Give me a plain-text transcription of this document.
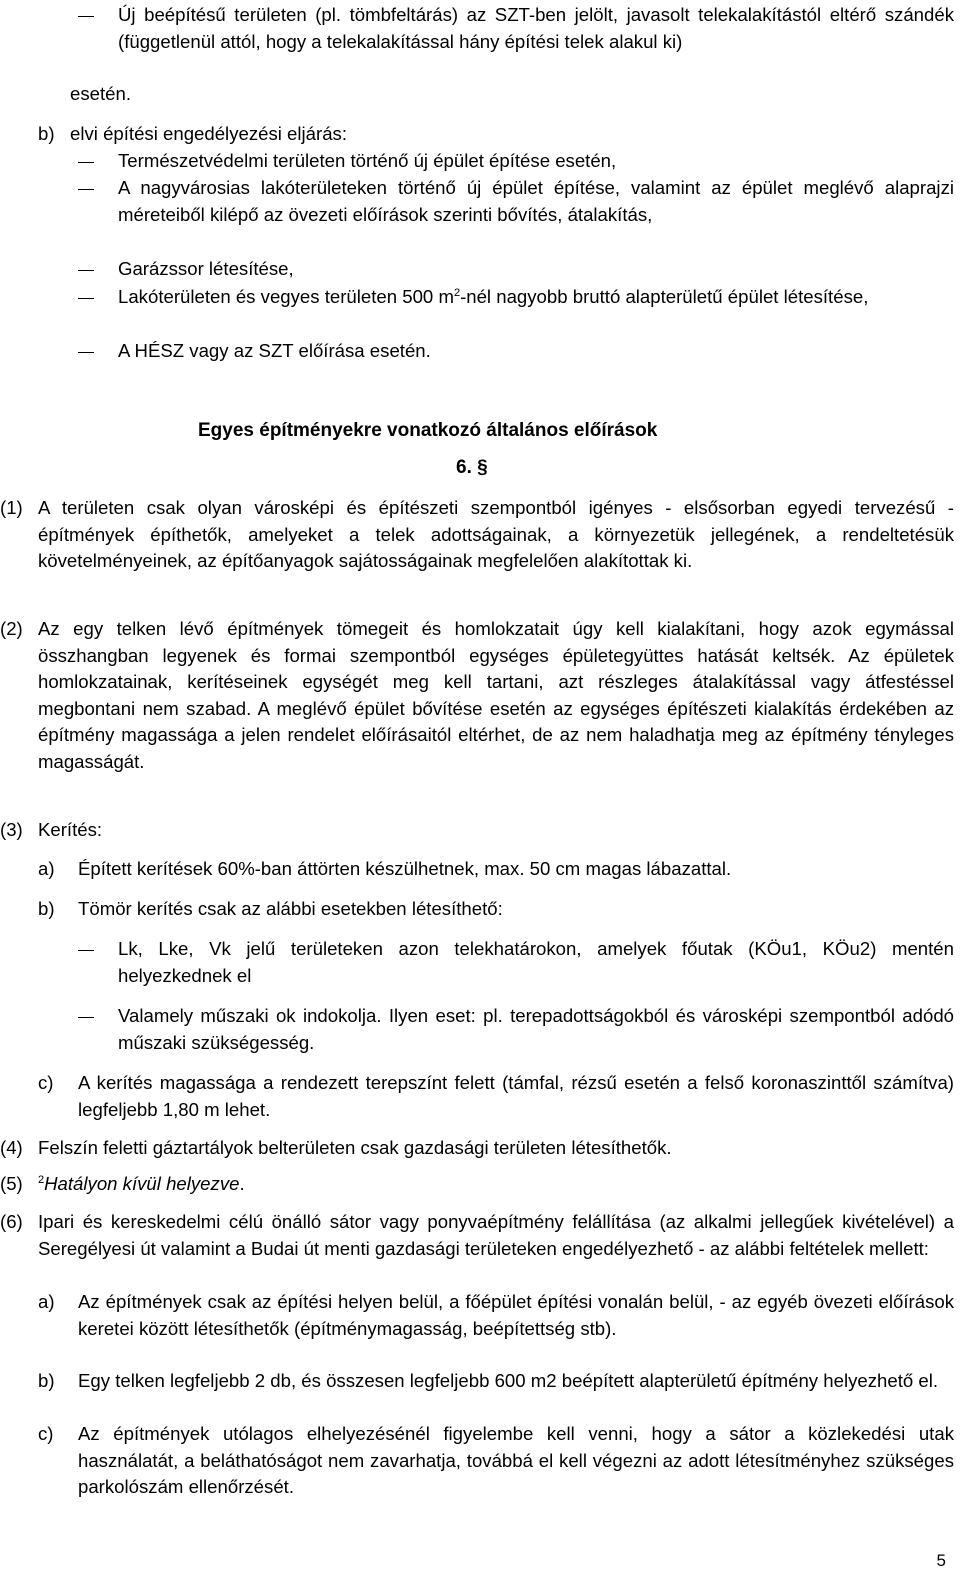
Új beépítésű területen (pl. tömbfeltárás) az SZT-ben jelölt, javasolt telekalakítástól eltérő szándék (függetlenül attól, hogy a telekalakítással hány építési telek alakul ki)
esetén.
b) elvi építési engedélyezési eljárás:
Természetvédelmi területen történő új épület építése esetén,
A nagyvárosias lakóterületeken történő új épület építése, valamint az épület meglévő alaprajzi méreteiből kilépő az övezeti előírások szerinti bővítés, átalakítás,
Garázssor létesítése,
Lakóterületen és vegyes területen 500 $m^2$-nél nagyobb bruttó alapterületű épület létesítése,
A HÉSZ vagy az SZT előírása esetén.
Egyes építményekre vonatkozó általános előírások
6. §
(1) A területen csak olyan városképi és építészeti szempontból igényes - elsősorban egyedi tervezésű - építmények építhetők, amelyeket a telek adottságainak, a környezetük jellegének, a rendeltetésük követelményeinek, az építőanyagok sajátosságainak megfelelően alakítottak ki.
(2) Az egy telken lévő építmények tömegeit és homlokzatait úgy kell kialakítani, hogy azok egymással összhangban legyenek és formai szempontból egységes épületegyüttes hatását keltsék. Az épületek homlokzatainak, kerítéseinek egységét meg kell tartani, azt részleges átalakítással vagy átfestéssel megbontani nem szabad. A meglévő épület bővítése esetén az egységes építészeti kialakítás érdekében az építmény magassága a jelen rendelet előírásaitól eltérhet, de az nem haladhatja meg az építmény tényleges magasságát.
(3) Kerítés:
a) Épített kerítések 60%-ban áttörten készülhetnek, max. 50 cm magas lábazattal.
b) Tömör kerítés csak az alábbi esetekben létesíthető:
Lk, Lke, Vk jelű területeken azon telekhatárokon, amelyek főutak (KÖu1, KÖu2) mentén helyezkednek el
Valamely műszaki ok indokolja. Ilyen eset: pl. terepadottságokból és városképi szempontból adódó műszaki szükségesség.
c) A kerítés magassága a rendezett terepszínt felett (támfal, rézsű esetén a felső koronaszinttől számítva) legfeljebb 1,80 m lehet.
(4) Felszín feletti gáztartályok belterületen csak gazdasági területen létesíthetők.
(5) $^2$Hatályon kívül helyezve.
(6) Ipari és kereskedelmi célú önálló sátor vagy ponyvaépítmény felállítása (az alkalmi jellegűek kivételével) a Seregélyesi út valamint a Budai út menti gazdasági területeken engedélyezhető - az alábbi feltételek mellett:
a) Az építmények csak az építési helyen belül, a főépület építési vonalán belül, - az egyéb övezeti előírások keretei között létesíthetők (építménymagasság, beépítettség stb).
b) Egy telken legfeljebb 2 db, és összesen legfeljebb 600 m2 beépített alapterületű építmény helyezhető el.
c) Az építmények utólagos elhelyezésénél figyelembe kell venni, hogy a sátor a közlekedési utak használatát, a beláthatóságot nem zavarhatja, továbbá el kell végezni az adott létesítményhez szükséges parkolószám ellenőrzését.
5
